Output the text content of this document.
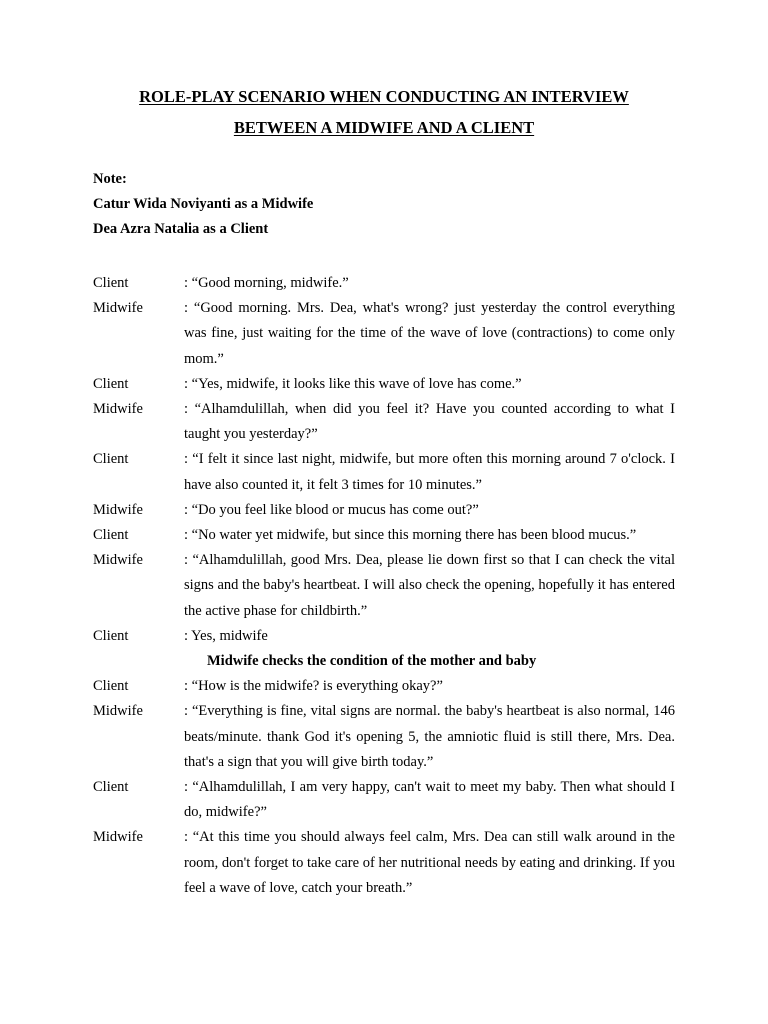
ROLE-PLAY SCENARIO WHEN CONDUCTING AN INTERVIEW
BETWEEN A MIDWIFE AND A CLIENT
Note:
Catur Wida Noviyanti as a Midwife
Dea Azra Natalia as a Client
Client	: “Good morning, midwife.”
Midwife	: “Good morning. Mrs. Dea, what's wrong? just yesterday the control everything was fine, just waiting for the time of the wave of love (contractions) to come only mom.”
Client	: “Yes, midwife, it looks like this wave of love has come.”
Midwife	: “Alhamdulillah, when did you feel it? Have you counted according to what I taught you yesterday?”
Client	: “I felt it since last night, midwife, but more often this morning around 7 o'clock. I have also counted it, it felt 3 times for 10 minutes.”
Midwife	: “Do you feel like blood or mucus has come out?”
Client	: “No water yet midwife, but since this morning there has been blood mucus.”
Midwife	: “Alhamdulillah, good Mrs. Dea, please lie down first so that I can check the vital signs and the baby's heartbeat. I will also check the opening, hopefully it has entered the active phase for childbirth.”
Client	: Yes, midwife
Midwife checks the condition of the mother and baby
Client	: “How is the midwife? is everything okay?”
Midwife	: “Everything is fine, vital signs are normal. the baby's heartbeat is also normal, 146 beats/minute. thank God it's opening 5, the amniotic fluid is still there, Mrs. Dea. that's a sign that you will give birth today.”
Client	: “Alhamdulillah, I am very happy, can't wait to meet my baby. Then what should I do, midwife?”
Midwife	: “At this time you should always feel calm, Mrs. Dea can still walk around in the room, don't forget to take care of her nutritional needs by eating and drinking. If you feel a wave of love, catch your breath.”
